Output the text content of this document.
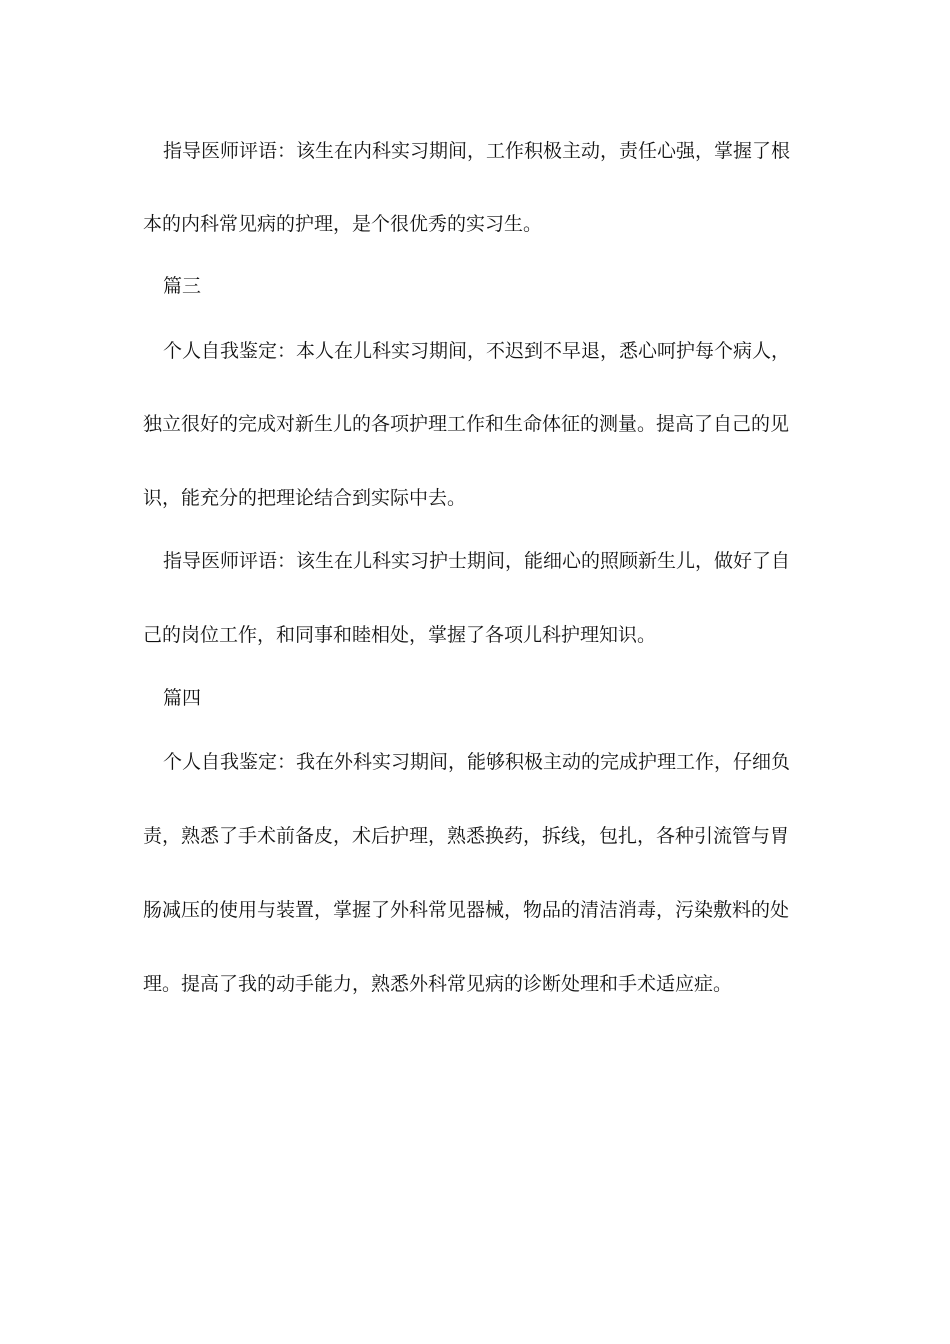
指导医师评语：该生在内科实习期间，工作积极主动，责任心强，掌握了根
本的内科常见病的护理，是个很优秀的实习生。
篇三
个人自我鉴定：本人在儿科实习期间，不迟到不早退，悉心呵护每个病人，
独立很好的完成对新生儿的各项护理工作和生命体征的测量。提高了自己的见
识，能充分的把理论结合到实际中去。
指导医师评语：该生在儿科实习护士期间，能细心的照顾新生儿，做好了自
己的岗位工作，和同事和睦相处，掌握了各项儿科护理知识。
篇四
个人自我鉴定：我在外科实习期间，能够积极主动的完成护理工作，仔细负
责，熟悉了手术前备皮，术后护理，熟悉换药，拆线，包扎，各种引流管与胃
肠减压的使用与装置，掌握了外科常见器械，物品的清洁消毒，污染敷料的处
理。提高了我的动手能力，熟悉外科常见病的诊断处理和手术适应症。
